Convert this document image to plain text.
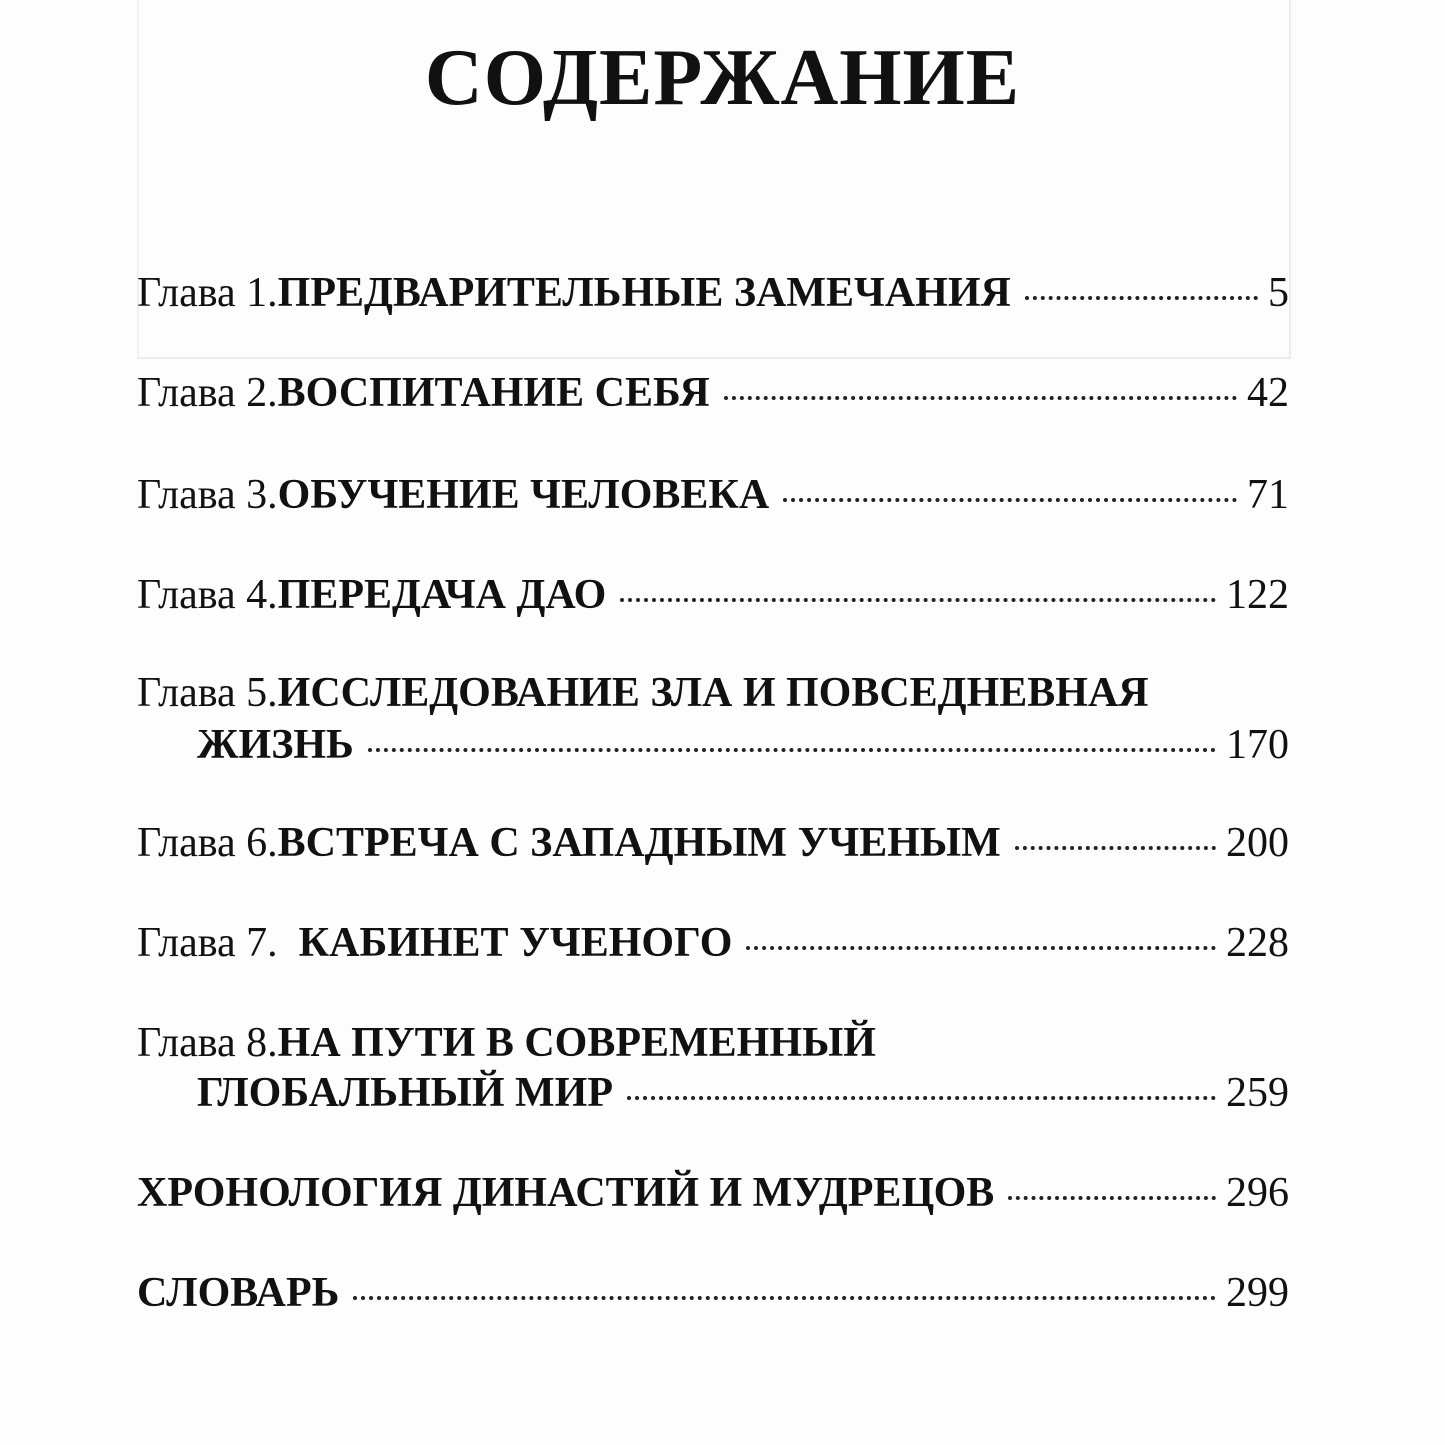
СОДЕРЖАНИЕ
Глава 1. ПРЕДВАРИТЕЛЬНЫЕ ЗАМЕЧАНИЯ	5
Глава 2. ВОСПИТАНИЕ СЕБЯ	42
Глава 3. ОБУЧЕНИЕ ЧЕЛОВЕКА	71
Глава 4. ПЕРЕДАЧА ДАО	122
Глава 5. ИССЛЕДОВАНИЕ ЗЛА И ПОВСЕДНЕВНАЯ
ЖИЗНЬ	170
Глава 6. ВСТРЕЧА С ЗАПАДНЫМ УЧЕНЫМ	200
Глава 7. КАБИНЕТ УЧЕНОГО	228
Глава 8. НА ПУТИ В СОВРЕМЕННЫЙ
ГЛОБАЛЬНЫЙ МИР	259
ХРОНОЛОГИЯ ДИНАСТИЙ И МУДРЕЦОВ	296
СЛОВАРЬ	299
